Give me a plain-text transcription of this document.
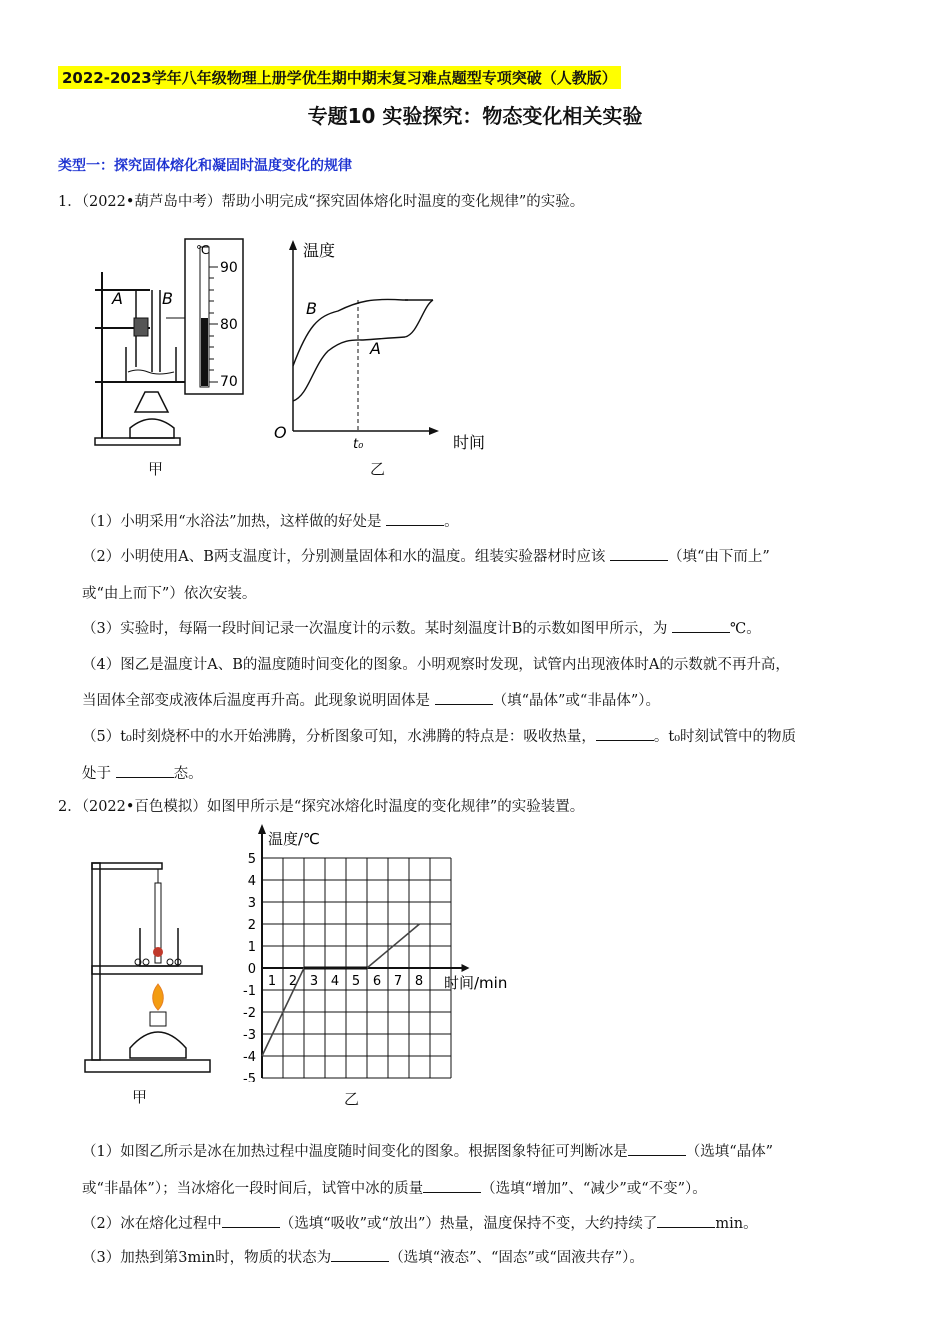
2022-2023学年八年级物理上册学优生期中期末复习难点题型专项突破（人教版）
专题10 实验探究：物态变化相关实验
类型一：探究固体熔化和凝固时温度变化的规律
1．（2022•葫芦岛中考）帮助小明完成“探究固体熔化时温度的变化规律”的实验。
A B
℃
90
80
70
甲
温度
时间
O
t₀
B
A
乙
（1）小明采用“水浴法”加热，这样做的好处是	。
（2）小明使用A、B两支温度计，分别测量固体和水的温度。组装实验器材时应该	（填“由下而上”
或“由上而下”）依次安装。
（3）实验时，每隔一段时间记录一次温度计的示数。某时刻温度计B的示数如图甲所示，为	℃。
（4）图乙是温度计A、B的温度随时间变化的图象。小明观察时发现，试管内出现液体时A的示数就不再升高，
当固体全部变成液体后温度再升高。此现象说明固体是	（填“晶体”或“非晶体”）。
（5）t₀时刻烧杯中的水开始沸腾，分析图象可知，水沸腾的特点是：吸收热量，	。t₀时刻试管中的物质
处于	态。
2．（2022•百色模拟）如图甲所示是“探究冰熔化时温度的变化规律”的实验装置。
甲
5
4
3
2
1
0
-1
-2
-3
-4
-5
1 2 3 4 5 6 7 8
温度/℃
时间/min
乙
（1）如图乙所示是冰在加热过程中温度随时间变化的图象。根据图象特征可判断冰是	（选填“晶体”
或“非晶体”）；当冰熔化一段时间后，试管中冰的质量	（选填“增加”、“减少”或“不变”）。
（2）冰在熔化过程中	（选填“吸收”或“放出”）热量，温度保持不变，大约持续了	min。
（3）加热到第3min时，物质的状态为	（选填“液态”、“固态”或“固液共存”）。
